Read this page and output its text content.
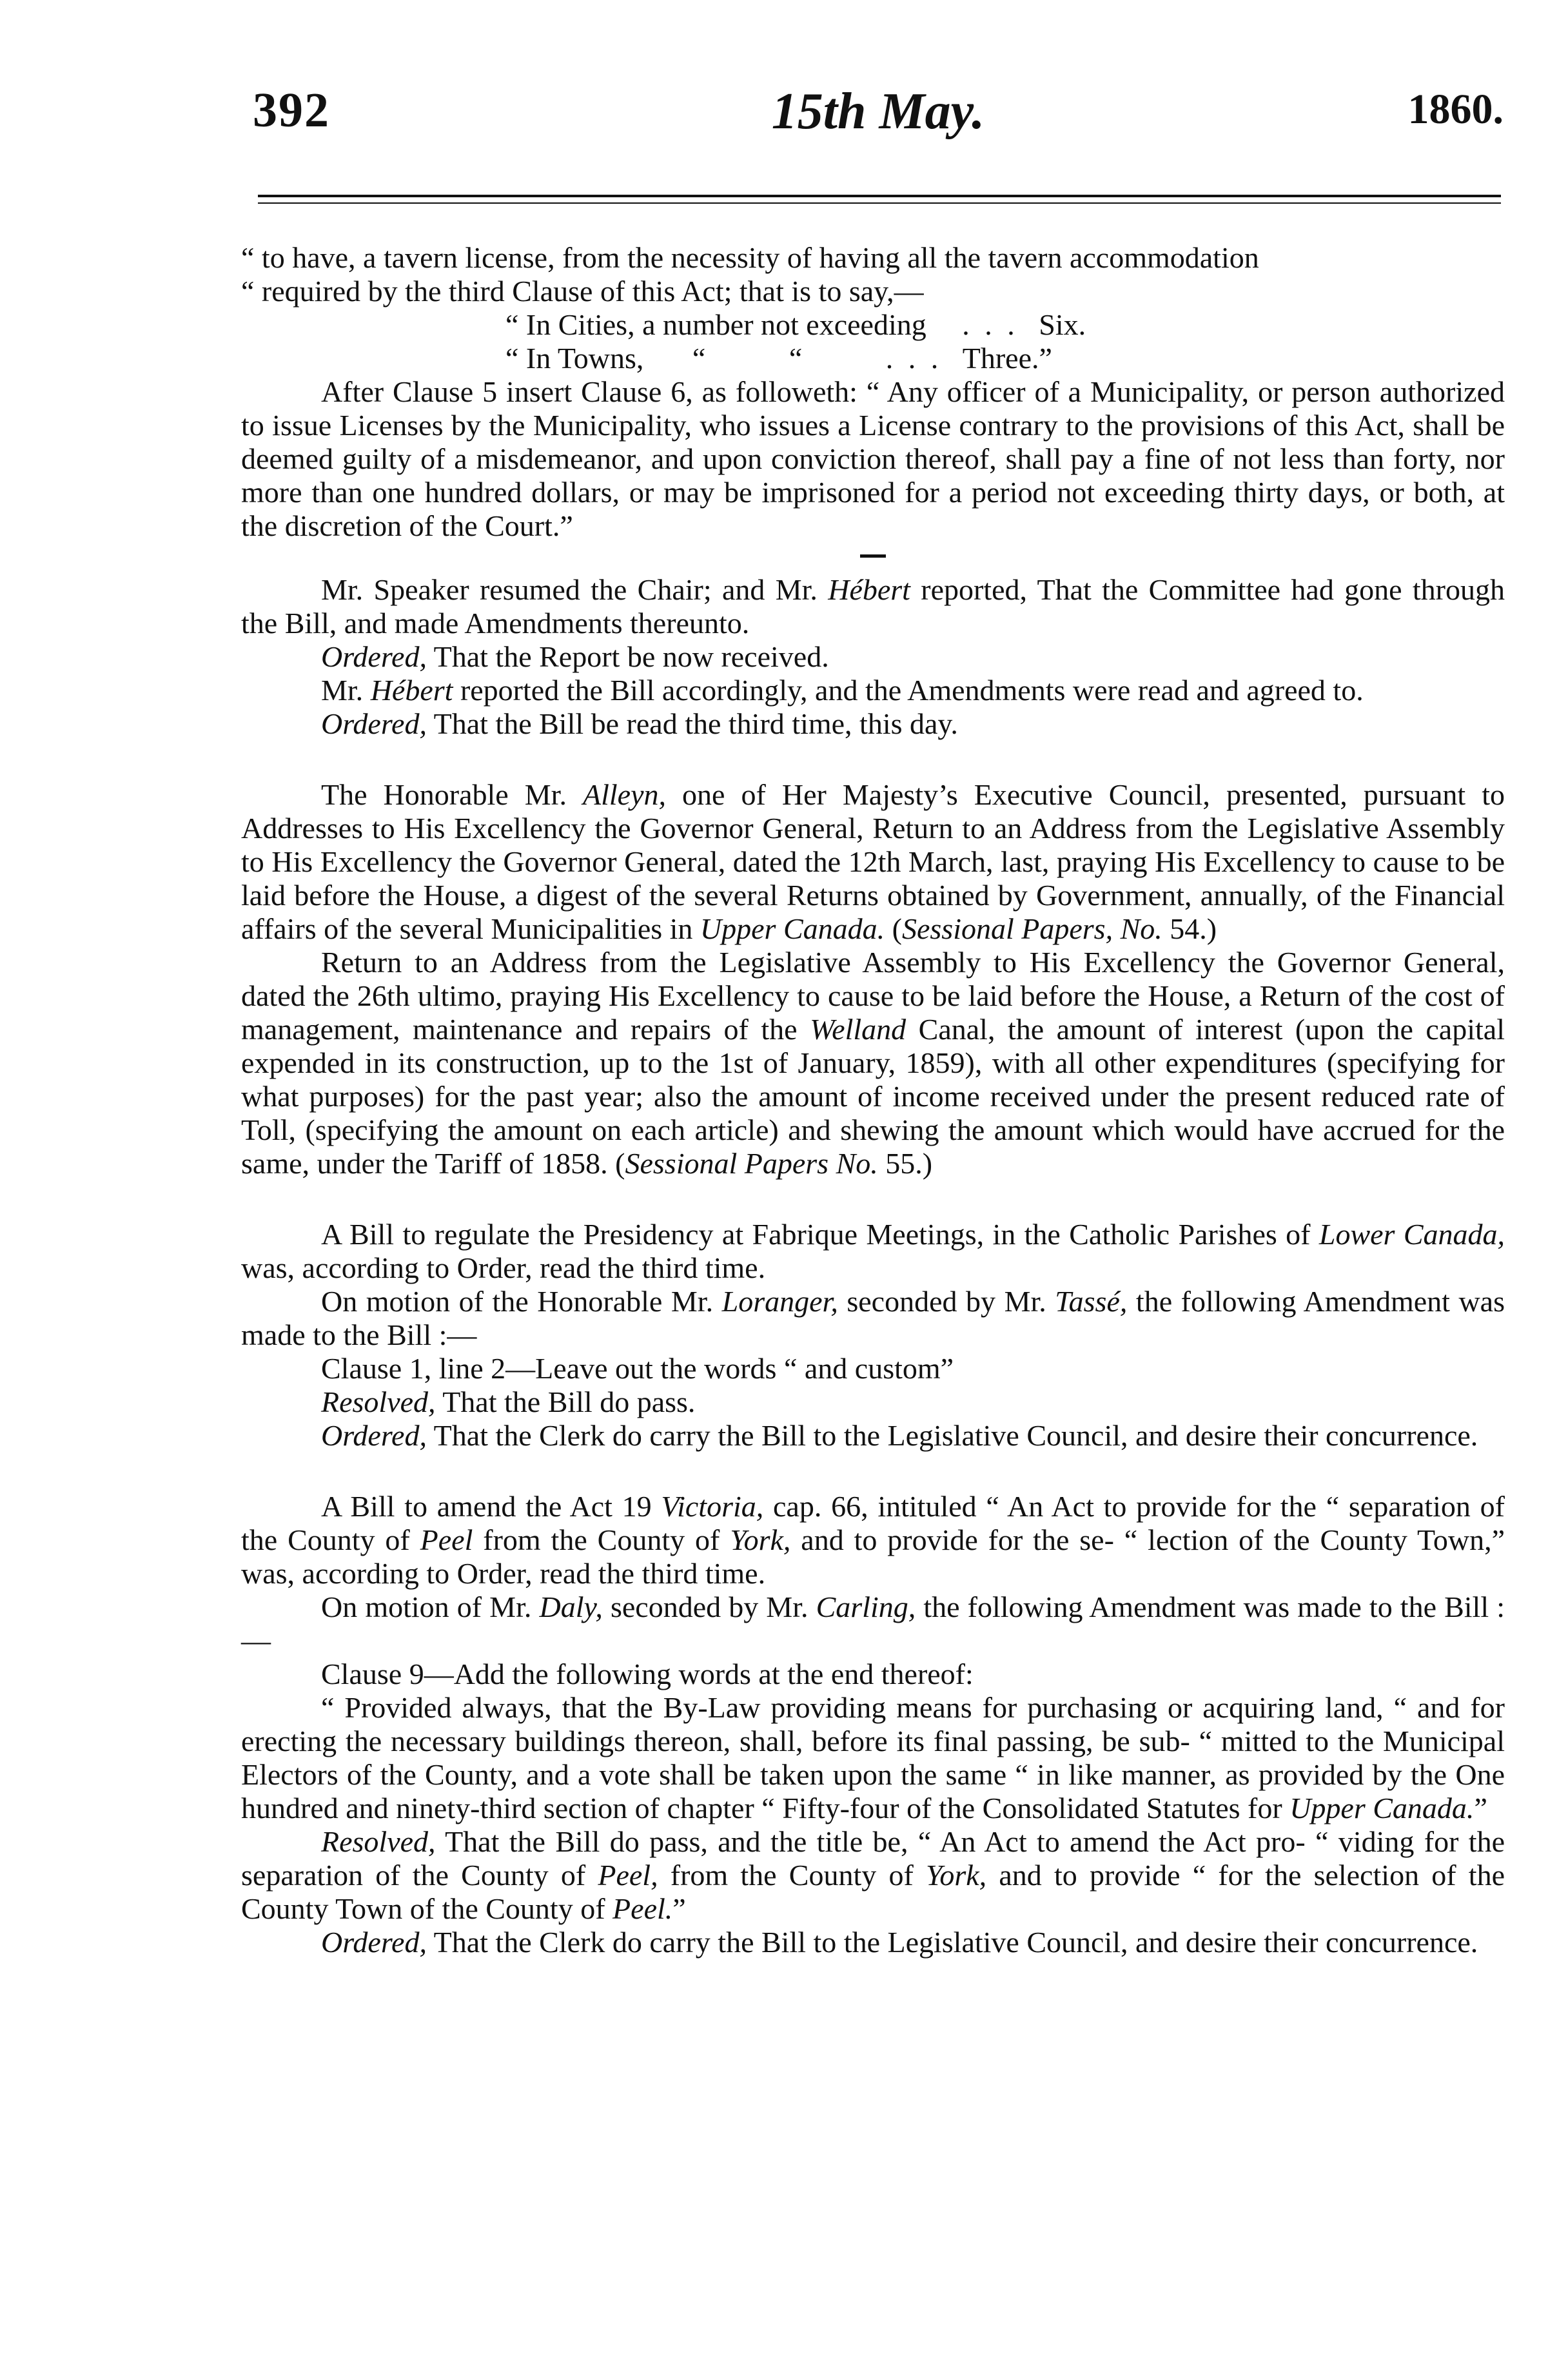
392	15th May.	1860.

“ to have, a tavern license, from the necessity of having all the tavern accommodation
“ required by the third Clause of this Act; that is to say,—

“ In Cities, a number not exceeding . . . Six.

“ In Towns, “ “	. . . Three.”

After Clause 5 insert Clause 6, as followeth: “ Any officer of a Municipality, or person authorized to issue Licenses by the Municipality, who issues a License contrary to the provisions of this Act, shall be deemed guilty of a misdemeanor, and upon conviction thereof, shall pay a fine of not less than forty, nor more than one hundred dollars, or may be imprisoned for a period not exceeding thirty days, or both, at the discretion of the Court.”

Mr. Speaker resumed the Chair; and Mr. Hébert reported, That the Committee had gone through the Bill, and made Amendments thereunto.

Ordered, That the Report be now received.

Mr. Hébert reported the Bill accordingly, and the Amendments were read and agreed to.

Ordered, That the Bill be read the third time, this day.

The Honorable Mr. Alleyn, one of Her Majesty’s Executive Council, presented, pursuant to Addresses to His Excellency the Governor General, Return to an Address from the Legislative Assembly to His Excellency the Governor General, dated the 12th March, last, praying His Excellency to cause to be laid before the House, a digest of the several Returns obtained by Government, annually, of the Financial affairs of the several Municipalities in Upper Canada. (Sessional Papers, No. 54.)

Return to an Address from the Legislative Assembly to His Excellency the Governor General, dated the 26th ultimo, praying His Excellency to cause to be laid before the House, a Return of the cost of management, maintenance and repairs of the Welland Canal, the amount of interest (upon the capital expended in its construction, up to the 1st of January, 1859), with all other expenditures (specifying for what purposes) for the past year; also the amount of income received under the present reduced rate of Toll, (specifying the amount on each article) and shewing the amount which would have accrued for the same, under the Tariff of 1858. (Sessional Papers No. 55.)

A Bill to regulate the Presidency at Fabrique Meetings, in the Catholic Parishes of Lower Canada, was, according to Order, read the third time.

On motion of the Honorable Mr. Loranger, seconded by Mr. Tassé, the following Amendment was made to the Bill :—

Clause 1, line 2—Leave out the words “ and custom”

Resolved, That the Bill do pass.

Ordered, That the Clerk do carry the Bill to the Legislative Council, and desire their concurrence.

A Bill to amend the Act 19 Victoria, cap. 66, intituled “ An Act to provide for the “ separation of the County of Peel from the County of York, and to provide for the se- “ lection of the County Town,” was, according to Order, read the third time.

On motion of Mr. Daly, seconded by Mr. Carling, the following Amendment was made to the Bill :—

Clause 9—Add the following words at the end thereof:

“ Provided always, that the By-Law providing means for purchasing or acquiring land, “ and for erecting the necessary buildings thereon, shall, before its final passing, be sub- “ mitted to the Municipal Electors of the County, and a vote shall be taken upon the same “ in like manner, as provided by the One hundred and ninety-third section of chapter “ Fifty-four of the Consolidated Statutes for Upper Canada.”

Resolved, That the Bill do pass, and the title be, “ An Act to amend the Act pro- “ viding for the separation of the County of Peel, from the County of York, and to provide “ for the selection of the County Town of the County of Peel.”

Ordered, That the Clerk do carry the Bill to the Legislative Council, and desire their concurrence.
